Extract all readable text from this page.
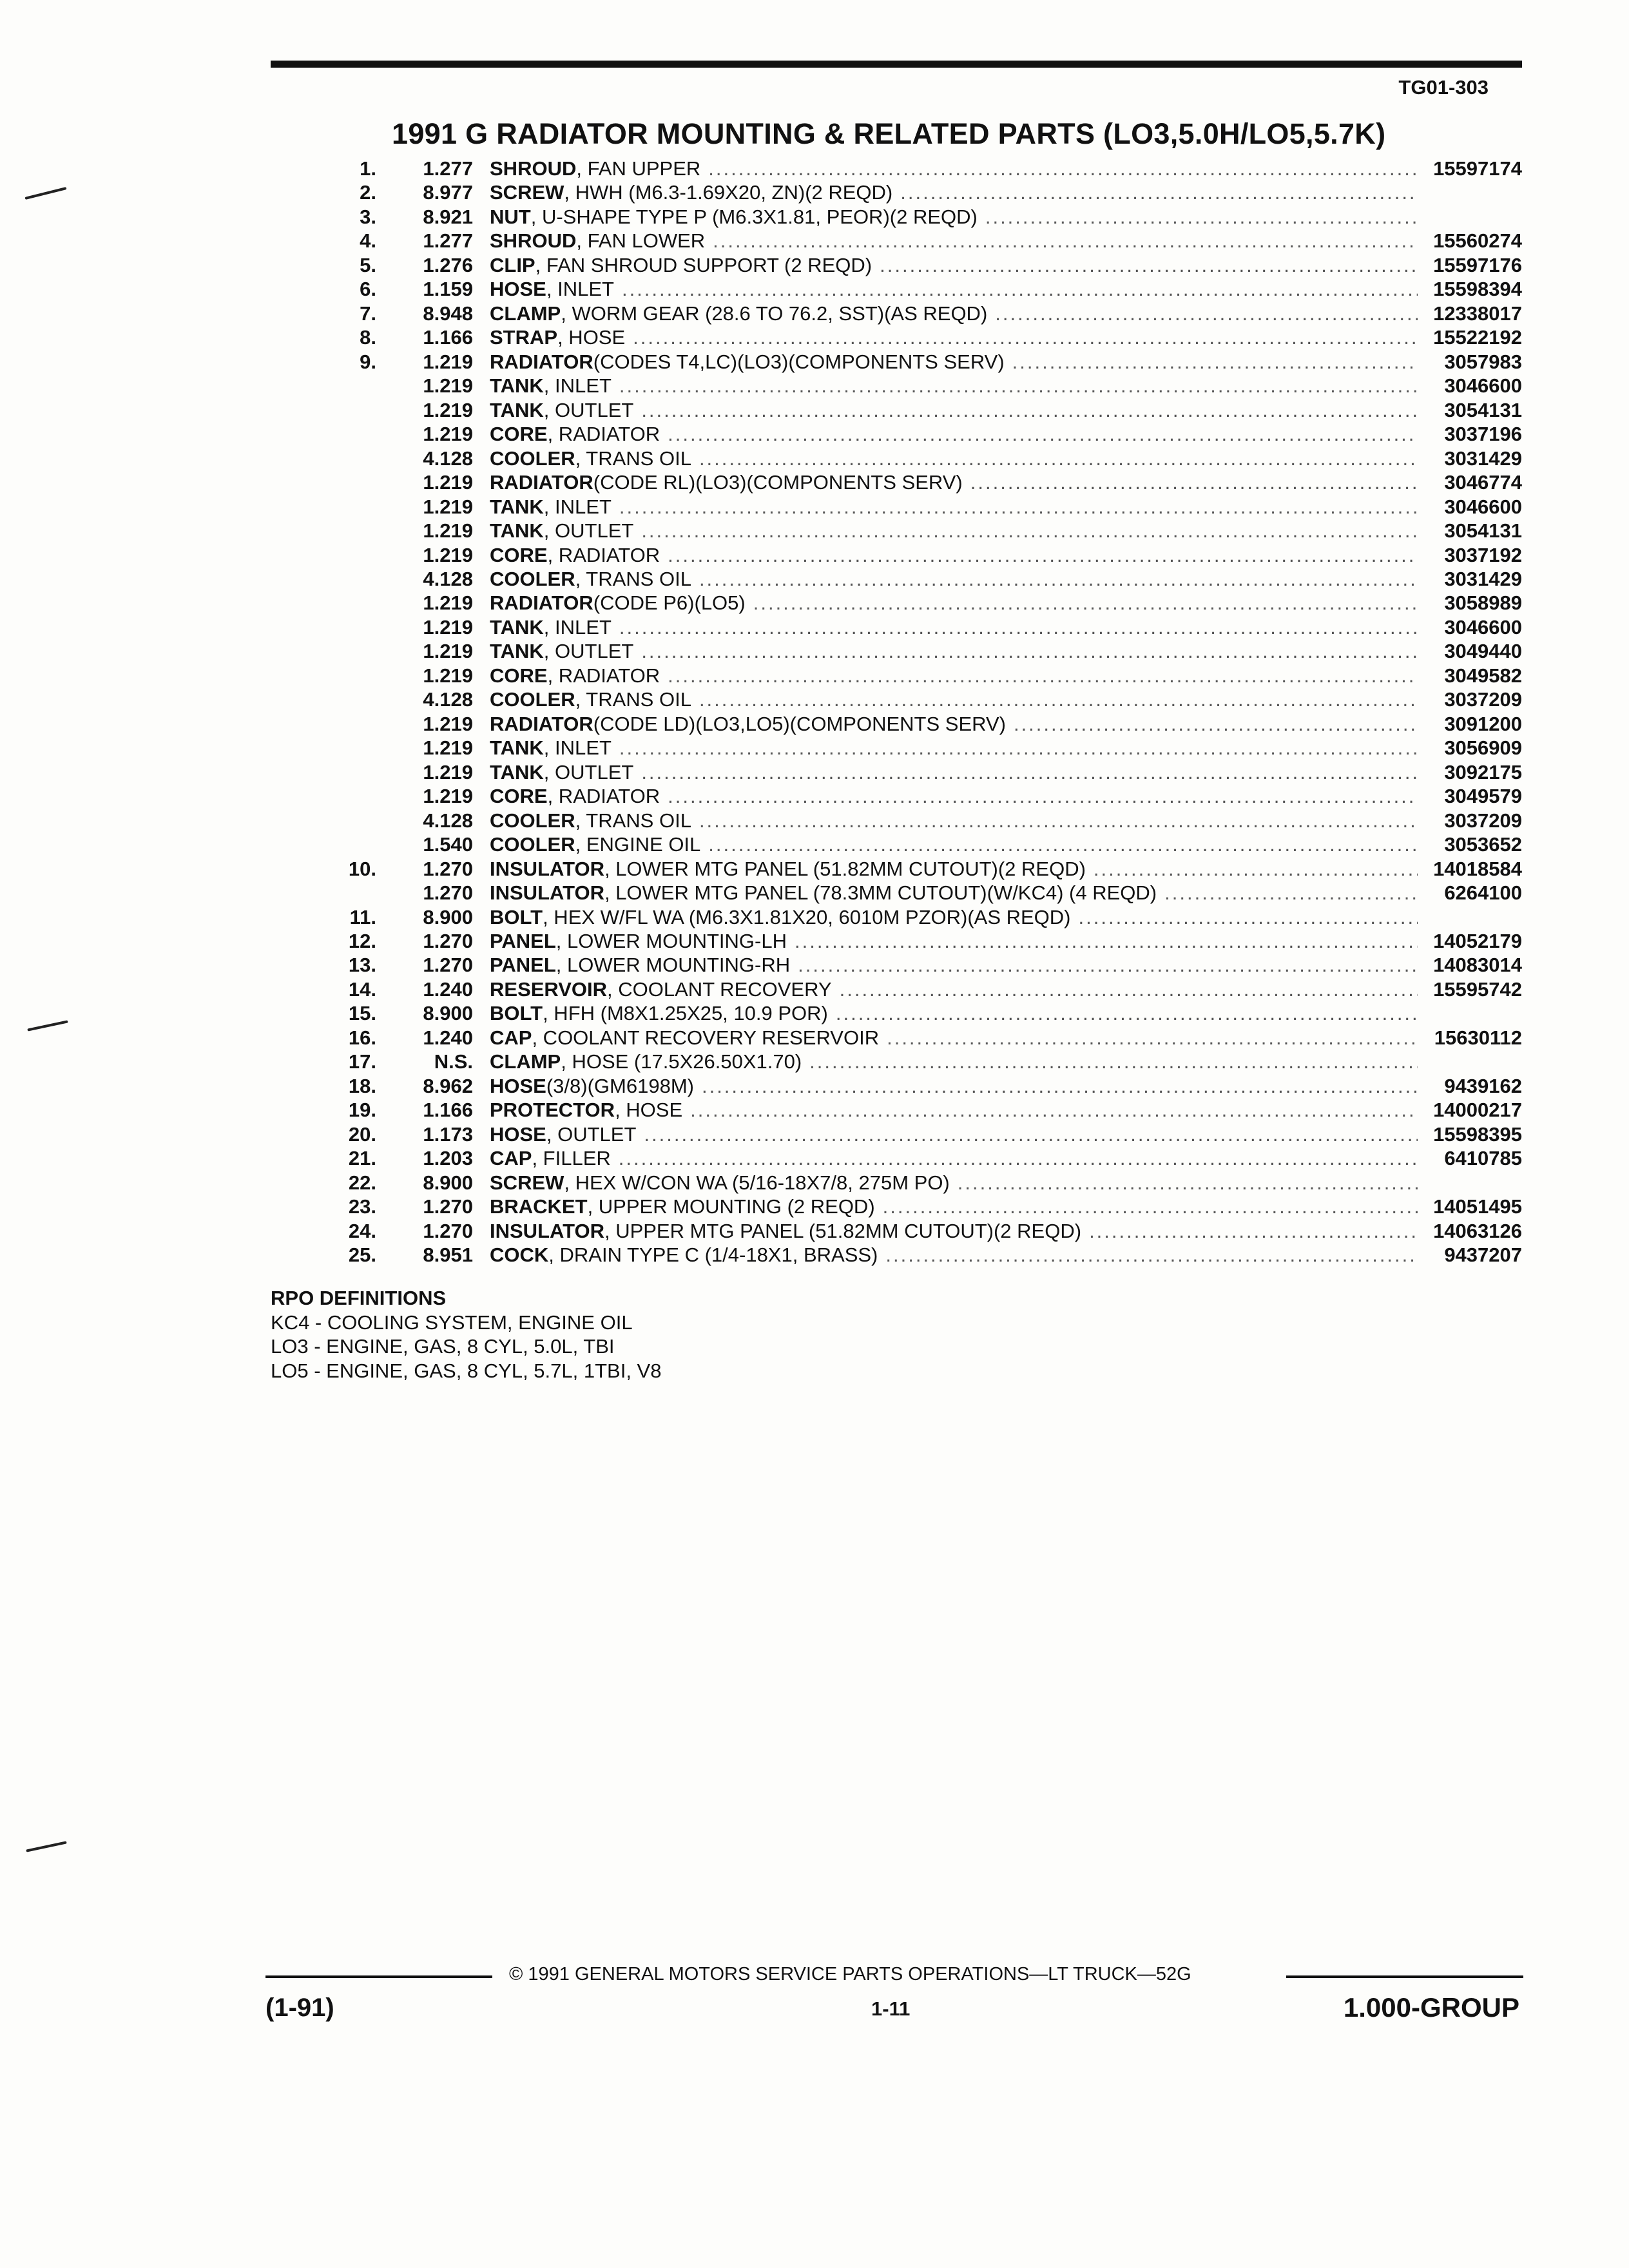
TG01-303
1991 G RADIATOR MOUNTING & RELATED PARTS (LO3,5.0H/LO5,5.7K)
1.	1.277 SHROUD , FAN UPPER .....	15597174
2.	8.977 SCREW , HWH (M6.3-1.69X20, ZN)(2 REQD)
.....
3.	8.921 NUT , U-SHAPE TYPE P (M6.3X1.81, PEOR)(2 REQD)
.....
4.	1.277 SHROUD , FAN LOWER .....	15560274
5.	1.276 CLIP , FAN SHROUD SUPPORT (2 REQD) .....	15597176
6.	1.159 HOSE , INLET .....	15598394
7.	8.948 CLAMP , WORM GEAR (28.6 TO 76.2, SST)(AS REQD) .....	12338017
8.	1.166 STRAP , HOSE .....	15522192
9.	1.219 RADIATOR (CODES T4,LC)(LO3)(COMPONENTS SERV) .....	3057983
1.219 TANK , INLET .....	3046600
1.219 TANK , OUTLET .....	3054131
1.219 CORE , RADIATOR .....	3037196
4.128 COOLER , TRANS OIL .....	3031429
1.219 RADIATOR (CODE RL)(LO3)(COMPONENTS SERV) .....	3046774
1.219 TANK , INLET .....	3046600
1.219 TANK , OUTLET .....	3054131
1.219 CORE , RADIATOR .....	3037192
4.128 COOLER , TRANS OIL .....	3031429
1.219 RADIATOR (CODE P6)(LO5) .....	3058989
1.219 TANK , INLET .....	3046600
1.219 TANK , OUTLET .....	3049440
1.219 CORE , RADIATOR .....	3049582
4.128 COOLER , TRANS OIL .....	3037209
1.219 RADIATOR (CODE LD)(LO3,LO5)(COMPONENTS SERV) .....	3091200
1.219 TANK , INLET .....	3056909
1.219 TANK , OUTLET .....	3092175
1.219 CORE , RADIATOR .....	3049579
4.128 COOLER , TRANS OIL .....	3037209
1.540 COOLER , ENGINE OIL .....	3053652
10.	1.270 INSULATOR , LOWER MTG PANEL (51.82MM CUTOUT)(2 REQD) .....	14018584
1.270 INSULATOR , LOWER MTG PANEL (78.3MM CUTOUT)(W/KC4) (4 REQD) .....	6264100
11.	8.900 BOLT , HEX W/FL WA (M6.3X1.81X20, 6010M PZOR)(AS REQD)
.....
12.	1.270 PANEL , LOWER MOUNTING-LH .....	14052179
13.	1.270 PANEL , LOWER MOUNTING-RH .....	14083014
14.	1.240 RESERVOIR , COOLANT RECOVERY .....	15595742
15.	8.900 BOLT , HFH (M8X1.25X25, 10.9 POR)
.....
16.	1.240 CAP , COOLANT RECOVERY RESERVOIR .....	15630112
17.	N.S. CLAMP , HOSE (17.5X26.50X1.70)
.....
18.	8.962 HOSE (3/8)(GM6198M) .....	9439162
19.	1.166 PROTECTOR , HOSE .....	14000217
20.	1.173 HOSE , OUTLET .....	15598395
21.	1.203 CAP , FILLER .....	6410785
22.	8.900 SCREW , HEX W/CON WA (5/16-18X7/8, 275M PO)
.....
23.	1.270 BRACKET , UPPER MOUNTING (2 REQD) .....	14051495
24.	1.270 INSULATOR , UPPER MTG PANEL (51.82MM CUTOUT)(2 REQD) .....	14063126
25.	8.951 COCK , DRAIN TYPE C (1/4-18X1, BRASS) .....	9437207
RPO DEFINITIONS
KC4 - COOLING SYSTEM, ENGINE OIL
LO3 - ENGINE, GAS, 8 CYL, 5.0L, TBI
LO5 - ENGINE, GAS, 8 CYL, 5.7L, 1TBI, V8
© 1991 GENERAL MOTORS SERVICE PARTS OPERATIONS—LT TRUCK—52G
(1-91)	1-11	1.000-GROUP
